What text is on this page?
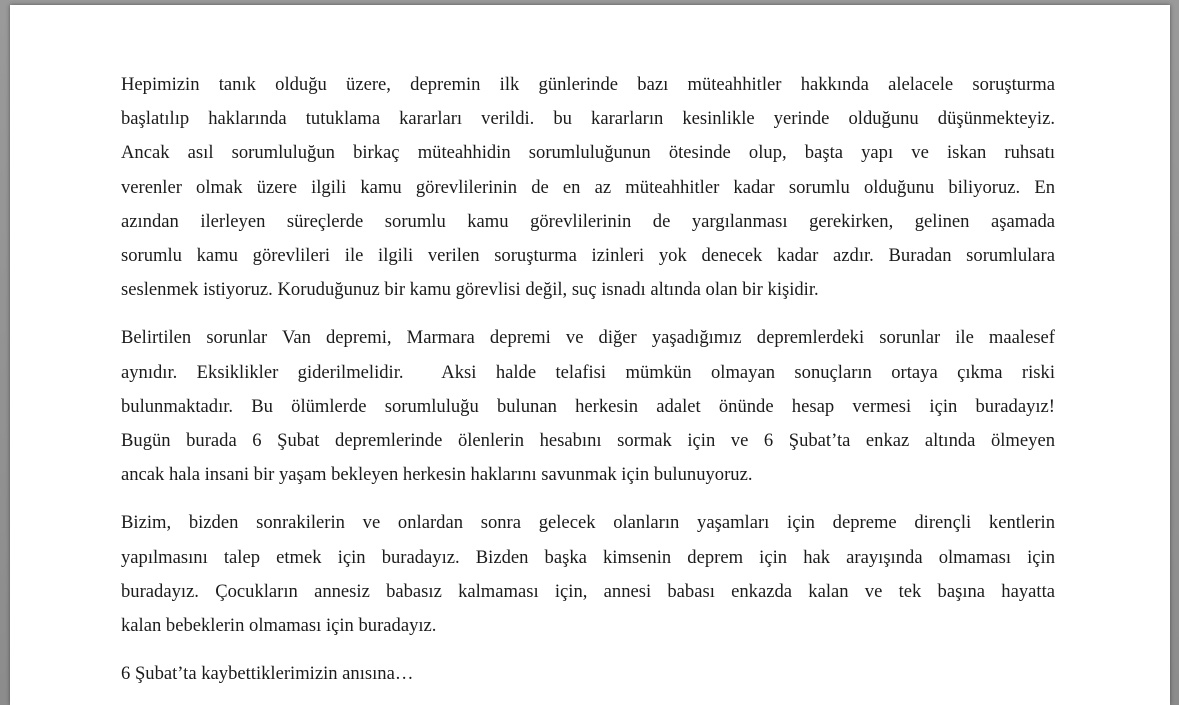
Hepimizin tanık olduğu üzere, depremin ilk günlerinde bazı müteahhitler hakkında alelacele soruşturma
başlatılıp haklarında tutuklama kararları verildi. bu kararların kesinlikle yerinde olduğunu düşünmekteyiz.
Ancak asıl sorumluluğun birkaç müteahhidin sorumluluğunun ötesinde olup, başta yapı ve iskan ruhsatı
verenler olmak üzere ilgili kamu görevlilerinin de en az müteahhitler kadar sorumlu olduğunu biliyoruz. En
azından ilerleyen süreçlerde sorumlu kamu görevlilerinin de yargılanması gerekirken, gelinen aşamada
sorumlu kamu görevlileri ile ilgili verilen soruşturma izinleri yok denecek kadar azdır. Buradan sorumlulara
seslenmek istiyoruz. Koruduğunuz bir kamu görevlisi değil, suç isnadı altında olan bir kişidir.

Belirtilen sorunlar Van depremi, Marmara depremi ve diğer yaşadığımız depremlerdeki sorunlar ile maalesef
aynıdır. Eksiklikler giderilmelidir.  Aksi halde telafisi mümkün olmayan sonuçların ortaya çıkma riski
bulunmaktadır. Bu ölümlerde sorumluluğu bulunan herkesin adalet önünde hesap vermesi için buradayız!
Bugün burada 6 Şubat depremlerinde ölenlerin hesabını sormak için ve 6 Şubat’ta enkaz altında ölmeyen
ancak hala insani bir yaşam bekleyen herkesin haklarını savunmak için bulunuyoruz.

Bizim, bizden sonrakilerin ve onlardan sonra gelecek olanların yaşamları için depreme dirençli kentlerin
yapılmasını talep etmek için buradayız. Bizden başka kimsenin deprem için hak arayışında olmaması için
buradayız. Çocukların annesiz babasız kalmaması için, annesi babası enkazda kalan ve tek başına hayatta
kalan bebeklerin olmaması için buradayız.

6 Şubat’ta kaybettiklerimizin anısına…
